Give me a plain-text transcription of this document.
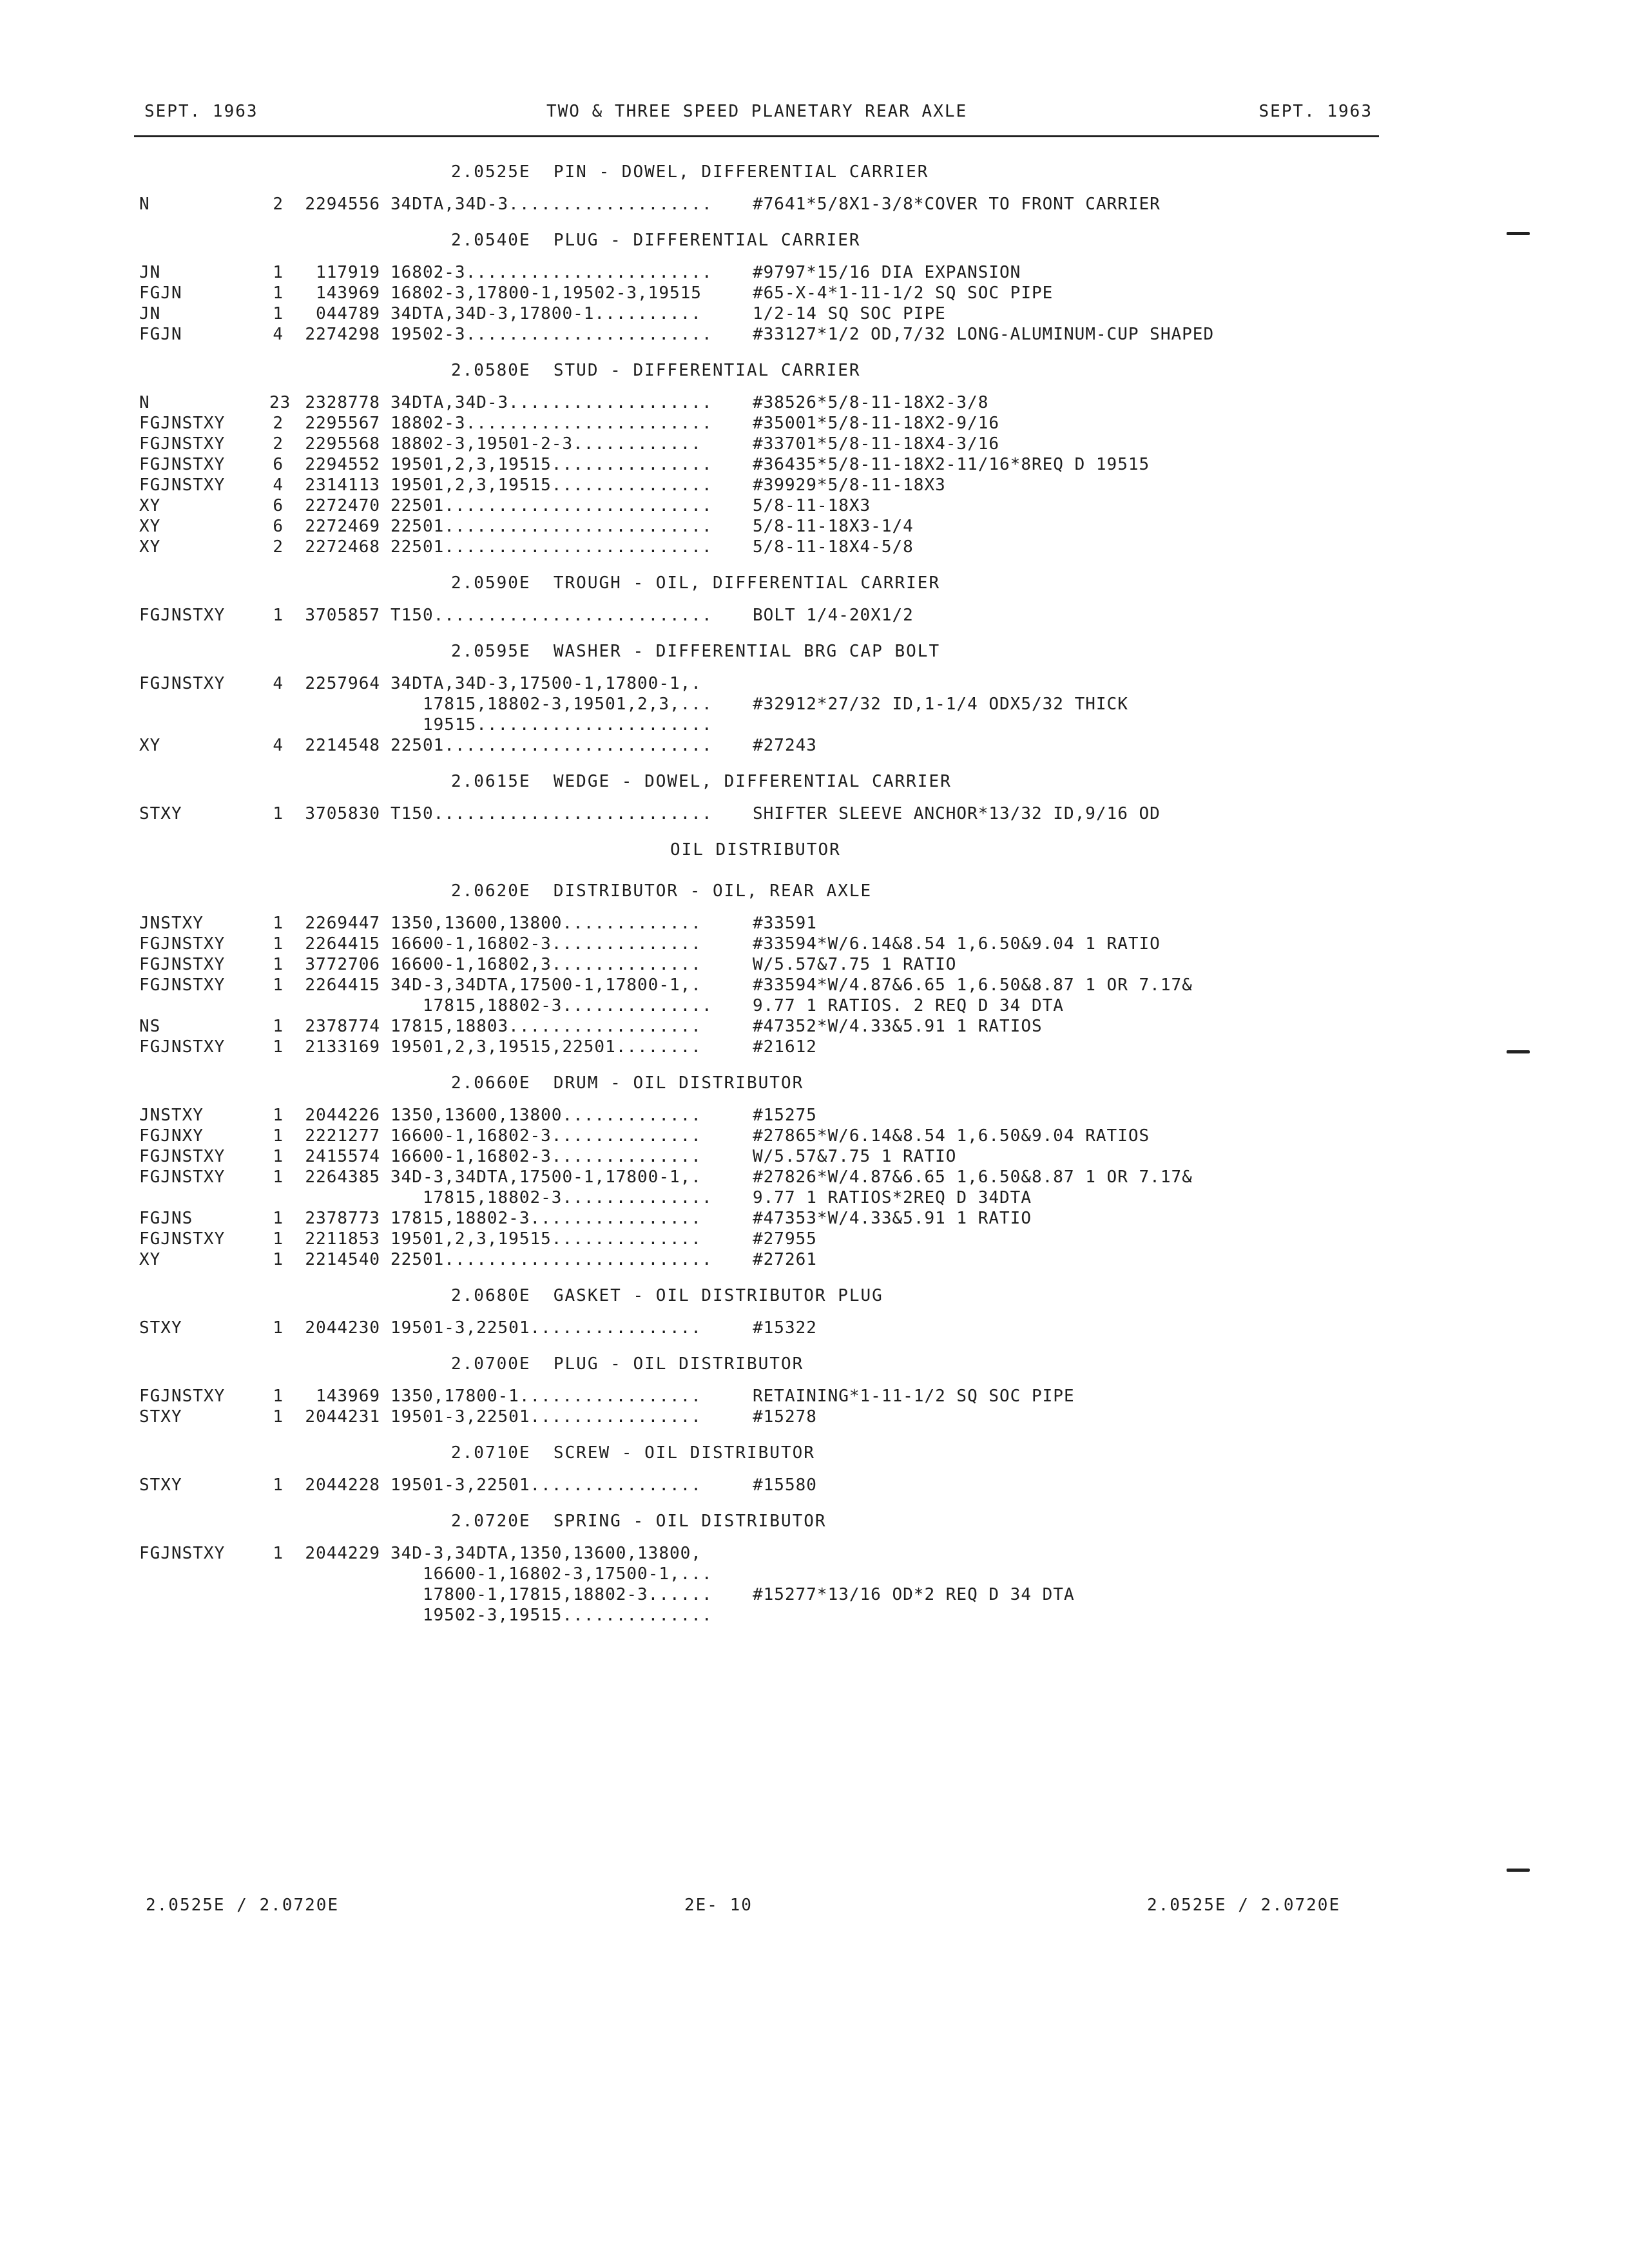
SEPT. 1963	TWO & THREE SPEED PLANETARY REAR AXLE	SEPT. 1963
2.0525E  PIN - DOWEL, DIFFERENTIAL CARRIER
N	2	2294556 34DTA,34D-3................... #7641*5/8X1-3/8*COVER TO FRONT CARRIER
2.0540E  PLUG - DIFFERENTIAL CARRIER
JN	1	117919 16802-3....................... #9797*15/16 DIA EXPANSION
FGJN	1	143969 16802-3,17800-1,19502-3,19515	#65-X-4*1-11-1/2 SQ SOC PIPE
JN	1	044789 34DTA,34D-3,17800-1..........	1/2-14 SQ SOC PIPE
FGJN	4	2274298 19502-3....................... #33127*1/2 OD,7/32 LONG-ALUMINUM-CUP SHAPED
2.0580E  STUD - DIFFERENTIAL CARRIER
N	23 2328778 34DTA,34D-3................... #38526*5/8-11-18X2-3/8
FGJNSTXY	2	2295567 18802-3....................... #35001*5/8-11-18X2-9/16
FGJNSTXY	2	2295568 18802-3,19501-2-3............	#33701*5/8-11-18X4-3/16
FGJNSTXY	6	2294552 19501,2,3,19515............... #36435*5/8-11-18X2-11/16*8REQ D 19515
FGJNSTXY	4	2314113 19501,2,3,19515............... #39929*5/8-11-18X3
XY	6	2272470 22501......................... 5/8-11-18X3
XY	6	2272469 22501......................... 5/8-11-18X3-1/4
XY	2	2272468 22501......................... 5/8-11-18X4-5/8
2.0590E  TROUGH - OIL, DIFFERENTIAL CARRIER
FGJNSTXY	1	3705857 T150.......................... BOLT 1/4-20X1/2
2.0595E  WASHER - DIFFERENTIAL BRG CAP BOLT
FGJNSTXY	4	2257964 34DTA,34D-3,17500-1,17800-1,.
17815,18802-3,19501,2,3,... #32912*27/32 ID,1-1/4 ODX5/32 THICK
19515......................
XY	4	2214548 22501......................... #27243
2.0615E  WEDGE - DOWEL, DIFFERENTIAL CARRIER
STXY	1	3705830 T150.......................... SHIFTER SLEEVE ANCHOR*13/32 ID,9/16 OD
OIL DISTRIBUTOR
2.0620E  DISTRIBUTOR - OIL, REAR AXLE
JNSTXY	1	2269447 1350,13600,13800.............	#33591
FGJNSTXY	1	2264415 16600-1,16802-3..............	#33594*W/6.14&8.54 1,6.50&9.04 1 RATIO
FGJNSTXY	1	3772706 16600-1,16802,3..............	W/5.57&7.75 1 RATIO
FGJNSTXY	1	2264415 34D-3,34DTA,17500-1,17800-1,.	#33594*W/4.87&6.65 1,6.50&8.87 1 OR 7.17&
17815,18802-3.............. 9.77 1 RATIOS. 2 REQ D 34 DTA
NS	1	2378774 17815,18803..................	#47352*W/4.33&5.91 1 RATIOS
FGJNSTXY	1	2133169 19501,2,3,19515,22501........	#21612
2.0660E  DRUM - OIL DISTRIBUTOR
JNSTXY	1	2044226 1350,13600,13800.............	#15275
FGJNXY	1	2221277 16600-1,16802-3..............	#27865*W/6.14&8.54 1,6.50&9.04 RATIOS
FGJNSTXY	1	2415574 16600-1,16802-3..............	W/5.57&7.75 1 RATIO
FGJNSTXY	1	2264385 34D-3,34DTA,17500-1,17800-1,.	#27826*W/4.87&6.65 1,6.50&8.87 1 OR 7.17&
17815,18802-3.............. 9.77 1 RATIOS*2REQ D 34DTA
FGJNS	1	2378773 17815,18802-3................	#47353*W/4.33&5.91 1 RATIO
FGJNSTXY	1	2211853 19501,2,3,19515..............	#27955
XY	1	2214540 22501......................... #27261
2.0680E  GASKET - OIL DISTRIBUTOR PLUG
STXY	1	2044230 19501-3,22501................	#15322
2.0700E  PLUG - OIL DISTRIBUTOR
FGJNSTXY	1	143969 1350,17800-1.................	RETAINING*1-11-1/2 SQ SOC PIPE
STXY	1	2044231 19501-3,22501................	#15278
2.0710E  SCREW - OIL DISTRIBUTOR
STXY	1	2044228 19501-3,22501................	#15580
2.0720E  SPRING - OIL DISTRIBUTOR
FGJNSTXY	1	2044229 34D-3,34DTA,1350,13600,13800,
16600-1,16802-3,17500-1,...
17800-1,17815,18802-3...... #15277*13/16 OD*2 REQ D 34 DTA
19502-3,19515..............
2.0525E / 2.0720E	2E- 10	2.0525E / 2.0720E
